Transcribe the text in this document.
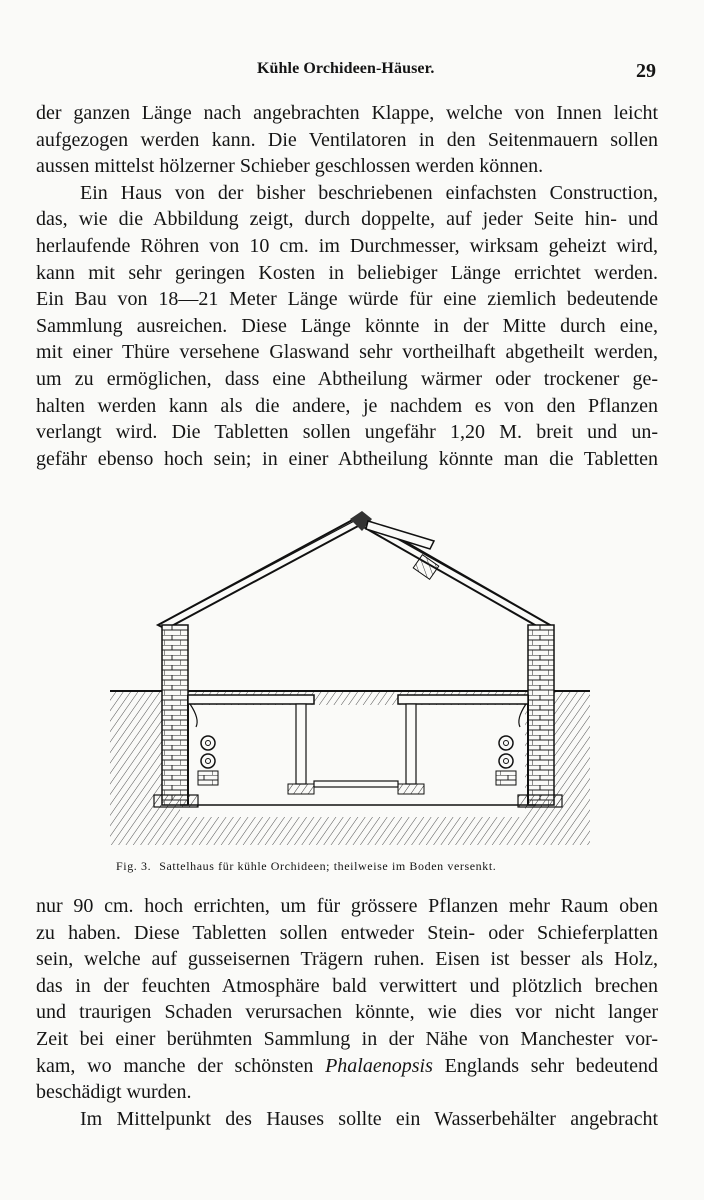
Kühle Orchideen-Häuser.	29
der ganzen Länge nach angebrachten Klappe, welche von Innen leicht
aufgezogen werden kann. Die Ventilatoren in den Seitenmauern sollen
aussen mittelst hölzerner Schieber geschlossen werden können.
Ein Haus von der bisher beschriebenen einfachsten Construction,
das, wie die Abbildung zeigt, durch doppelte, auf jeder Seite hin- und
herlaufende Röhren von 10 cm. im Durchmesser, wirksam geheizt wird,
kann mit sehr geringen Kosten in beliebiger Länge errichtet werden.
Ein Bau von 18—21 Meter Länge würde für eine ziemlich bedeutende
Sammlung ausreichen. Diese Länge könnte in der Mitte durch eine,
mit einer Thüre versehene Glaswand sehr vortheilhaft abgetheilt werden,
um zu ermöglichen, dass eine Abtheilung wärmer oder trockener ge-
halten werden kann als die andere, je nachdem es von den Pflanzen
verlangt wird. Die Tabletten sollen ungefähr 1,20 M. breit und un-
gefähr ebenso hoch sein; in einer Abtheilung könnte man die Tabletten
Fig. 3. Sattelhaus für kühle Orchideen; theilweise im Boden versenkt.
nur 90 cm. hoch errichten, um für grössere Pflanzen mehr Raum oben
zu haben. Diese Tabletten sollen entweder Stein- oder Schieferplatten
sein, welche auf gusseisernen Trägern ruhen. Eisen ist besser als Holz,
das in der feuchten Atmosphäre bald verwittert und plötzlich brechen
und traurigen Schaden verursachen könnte, wie dies vor nicht langer
Zeit bei einer berühmten Sammlung in der Nähe von Manchester vor-
kam, wo manche der schönsten Phalaenopsis Englands sehr bedeutend
beschädigt wurden.
Im Mittelpunkt des Hauses sollte ein Wasserbehälter angebracht
